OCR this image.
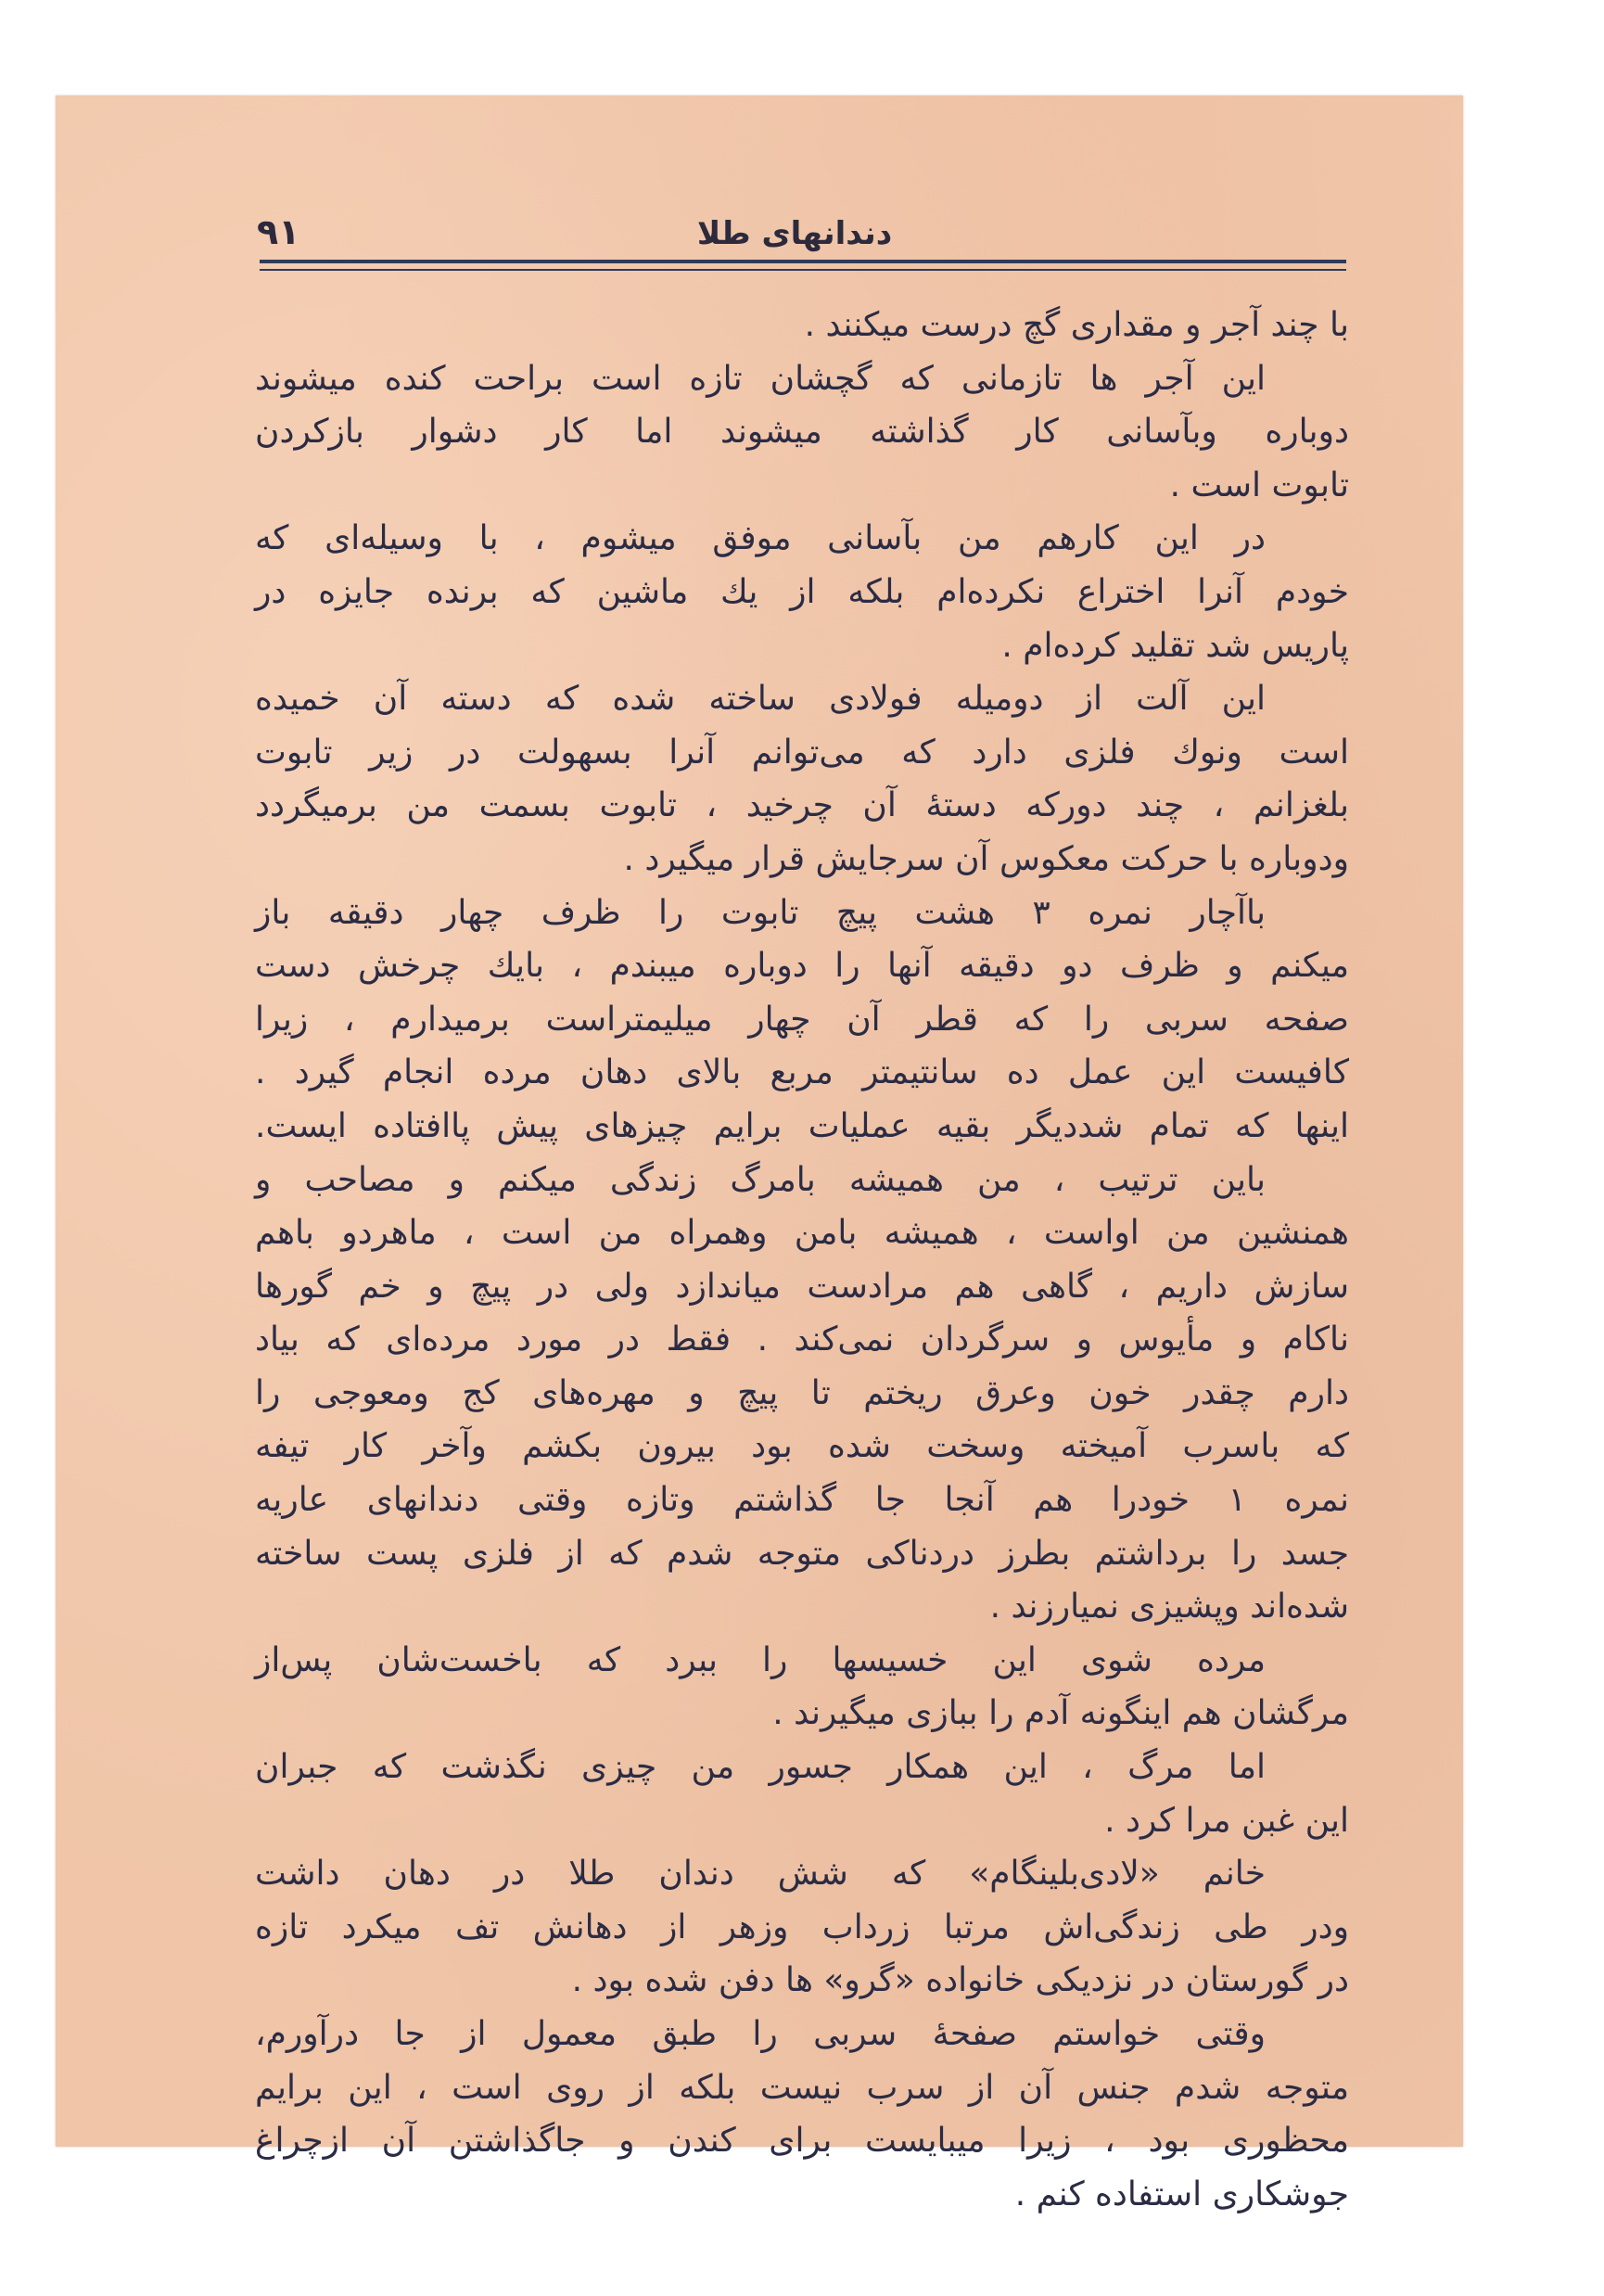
۹۱	دندانهای طلا
با چند آجر و مقداری گچ درست میکنند .
این آجر ها تازمانی که گچشان تازه است براحت کنده میشوند
دوباره وبآسانی کار گذاشته میشوند اما کار دشوار بازکردن
تابوت است .
در این کارهم من بآسانی موفق میشوم ، با وسیله‌ای که
خودم آنرا اختراع نکرده‌ام بلکه از یك ماشین که برنده جایزه در
پاریس شد تقلید کرده‌ام .
این آلت از دومیله فولادی ساخته شده که دسته آن خمیده
است ونوك فلزی دارد که می‌توانم آنرا بسهولت در زیر تابوت
بلغزانم ، چند دورکه دستهٔ آن چرخید ، تابوت بسمت من برمیگردد
ودوباره با حرکت معکوس آن سرجایش قرار میگیرد .
باآچار نمره ۳ هشت پیچ تابوت را ظرف چهار دقیقه باز
میکنم و ظرف دو دقیقه آنها را دوباره میبندم ، بایك چرخش دست
صفحه سربی را که قطر آن چهار میلیمتراست برمیدارم ، زیرا
کافیست این عمل ده سانتیمتر مربع بالای دهان مرده انجام گیرد .
اینها که تمام شددیگر بقیه عملیات برایم چیزهای پیش پاافتاده ایست.
باین ترتیب ، من همیشه بامرگ زندگی میکنم و مصاحب و
همنشین من اواست ، همیشه بامن وهمراه من است ، ماهردو باهم
سازش داریم ، گاهی هم مرادست میاندازد ولی در پیچ و خم گورها
ناکام و مأیوس و سرگردان نمی‌کند . فقط در مورد مرده‌ای که بیاد
دارم چقدر خون وعرق ریختم تا پیچ و مهره‌های کج ومعوجی را
که باسرب آمیخته وسخت شده بود بیرون بکشم وآخر کار تیفه
نمره ۱ خودرا هم آنجا جا گذاشتم وتازه وقتی دندانهای عاریه
جسد را برداشتم بطرز دردناکی متوجه شدم که از فلزی پست ساخته
شده‌اند وپشیزی نمیارزند .
مرده شوی این خسیسها را ببرد که باخست‌شان پس‌از
مرگشان هم اینگونه آدم را ببازی میگیرند .
اما مرگ ، این همکار جسور من چیزی نگذشت که جبران
این غبن مرا کرد .
خانم «لادی‌بلینگام» که شش دندان طلا در دهان داشت
ودر طی زندگی‌اش مرتبا زرداب وزهر از دهانش تف میکرد تازه
در گورستان در نزدیکی خانواده «گرو» ها دفن شده بود .
وقتی خواستم صفحهٔ سربی را طبق معمول از جا درآورم،
متوجه شدم جنس آن از سرب نیست بلکه از روی است ، این برایم
محظوری بود ، زیرا میبایست برای کندن و جاگذاشتن آن ازچراغ
جوشکاری استفاده کنم .
